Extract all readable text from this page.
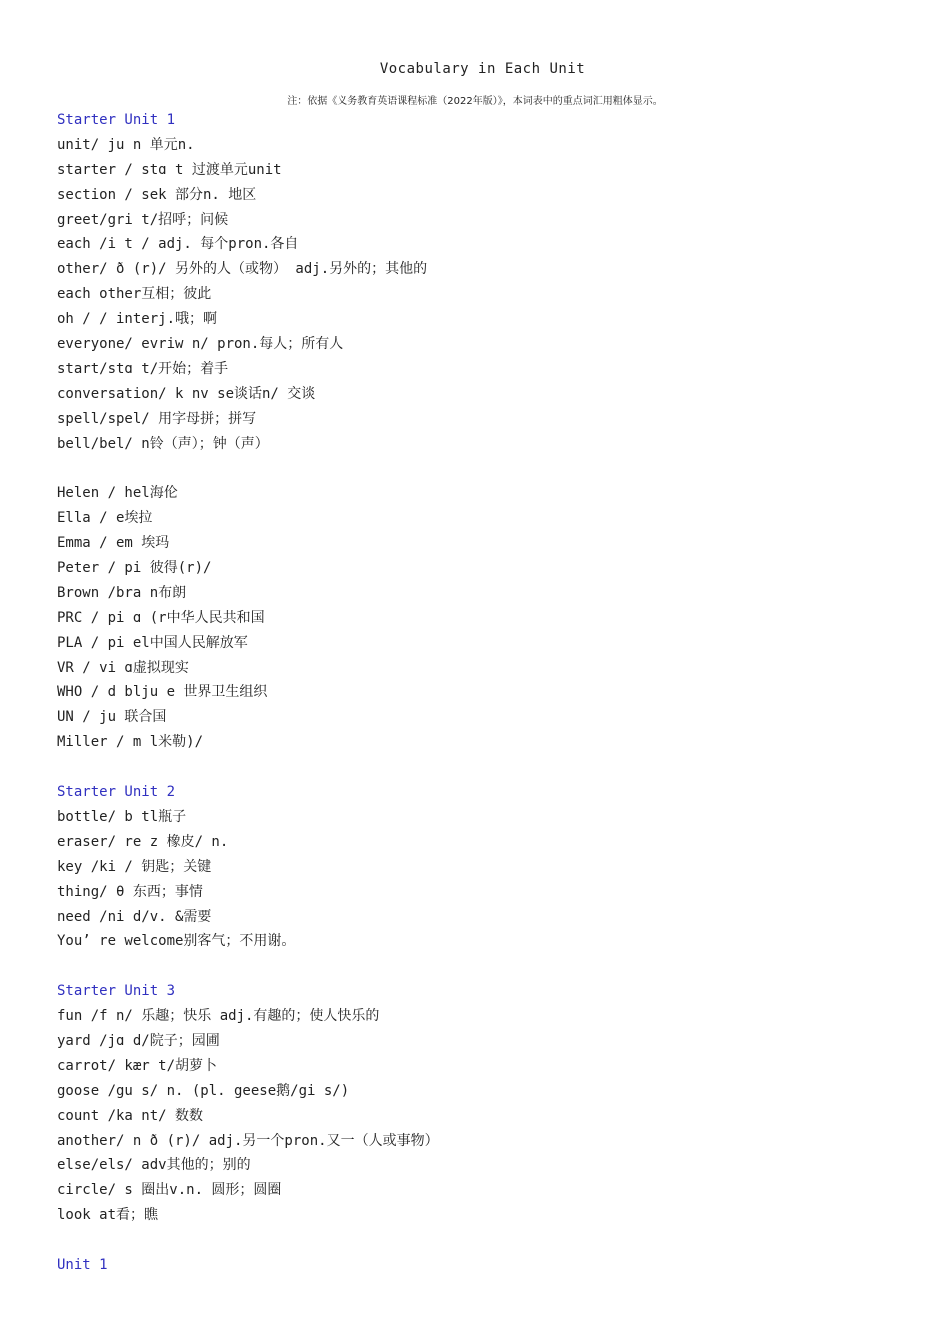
Vocabulary in Each Unit
注：依据《义务教育英语课程标准（2022年版）》，本词表中的重点词汇用粗体显示。
Starter Unit 1
unit/ ju n 单元n.
starter / stɑ t 过渡单元unit
section / sek 部分n. 地区
greet/gri t/招呼；问候
each /i t / adj. 每个pron.各自
other/ ð (r)/ 另外的人（或物） adj.另外的；其他的
each other互相；彼此
oh / / interj.哦；啊
everyone/ evriw n/ pron.每人；所有人
start/stɑ t/开始；着手
conversation/ k nv se谈话n/ 交谈
spell/spel/ 用字母拼；拼写
bell/bel/ n铃（声）；钟（声）
Helen / hel海伦
Ella / e埃拉
Emma / em 埃玛
Peter / pi 彼得(r)/
Brown /bra n布朗
PRC / pi ɑ (r中华人民共和国
PLA / pi el中国人民解放军
VR / vi ɑ虚拟现实
WHO / d blju e 世界卫生组织
UN / ju 联合国
Miller / m l米勒)/
Starter Unit 2
bottle/ b tl瓶子
eraser/ re z 橡皮/ n.
key /ki / 钥匙；关键
thing/ θ 东西；事情
need /ni d/v. &需要
You’ re welcome别客气；不用谢。
Starter Unit 3
fun /f n/ 乐趣；快乐 adj.有趣的；使人快乐的
yard /jɑ d/院子；园圃
carrot/ kær t/胡萝卜
goose /gu s/ n. (pl. geese鹅/gi s/)
count /ka nt/ 数数
another/ n ð (r)/ adj.另一个pron.又一（人或事物）
else/els/ adv其他的；别的
circle/ s 圈出v.n. 圆形；圆圈
look at看；瞧
Unit 1
